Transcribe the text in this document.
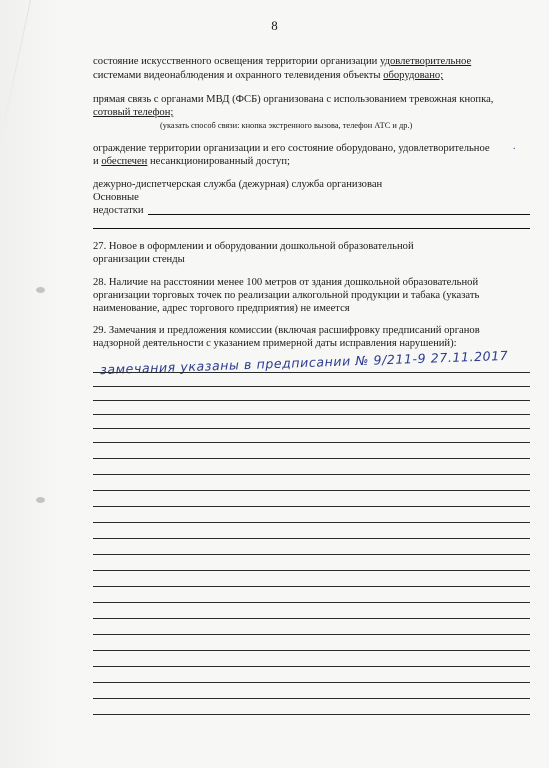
8
состояние искусственного освещения территории организации удовлетворительное
системами видеонаблюдения и охранного телевидения объекты оборудовано;
прямая связь с органами МВД (ФСБ) организована с использованием тревожная кнопка,
сотовый телефон;
(указать способ связи: кнопка экстренного вызова, телефон АТС и др.)
ограждение территории организации и его состояние оборудовано, удовлетворительное .
и обеспечен несанкционированный доступ;
дежурно-диспетчерская служба (дежурная) служба организован
Основные
недостатки
27. Новое в оформлении и оборудовании дошкольной образовательной
организации стенды
28. Наличие на расстоянии менее 100 метров от здания дошкольной образовательной
организации торговых точек по реализации алкогольной продукции и табака (указать
наименование, адрес торгового предприятия) не имеется
29. Замечания и предложения комиссии (включая расшифровку предписаний органов
надзорной деятельности с указанием примерной даты исправления нарушений):
замечания указаны в предписании № 9/211-9 27.11.2017
